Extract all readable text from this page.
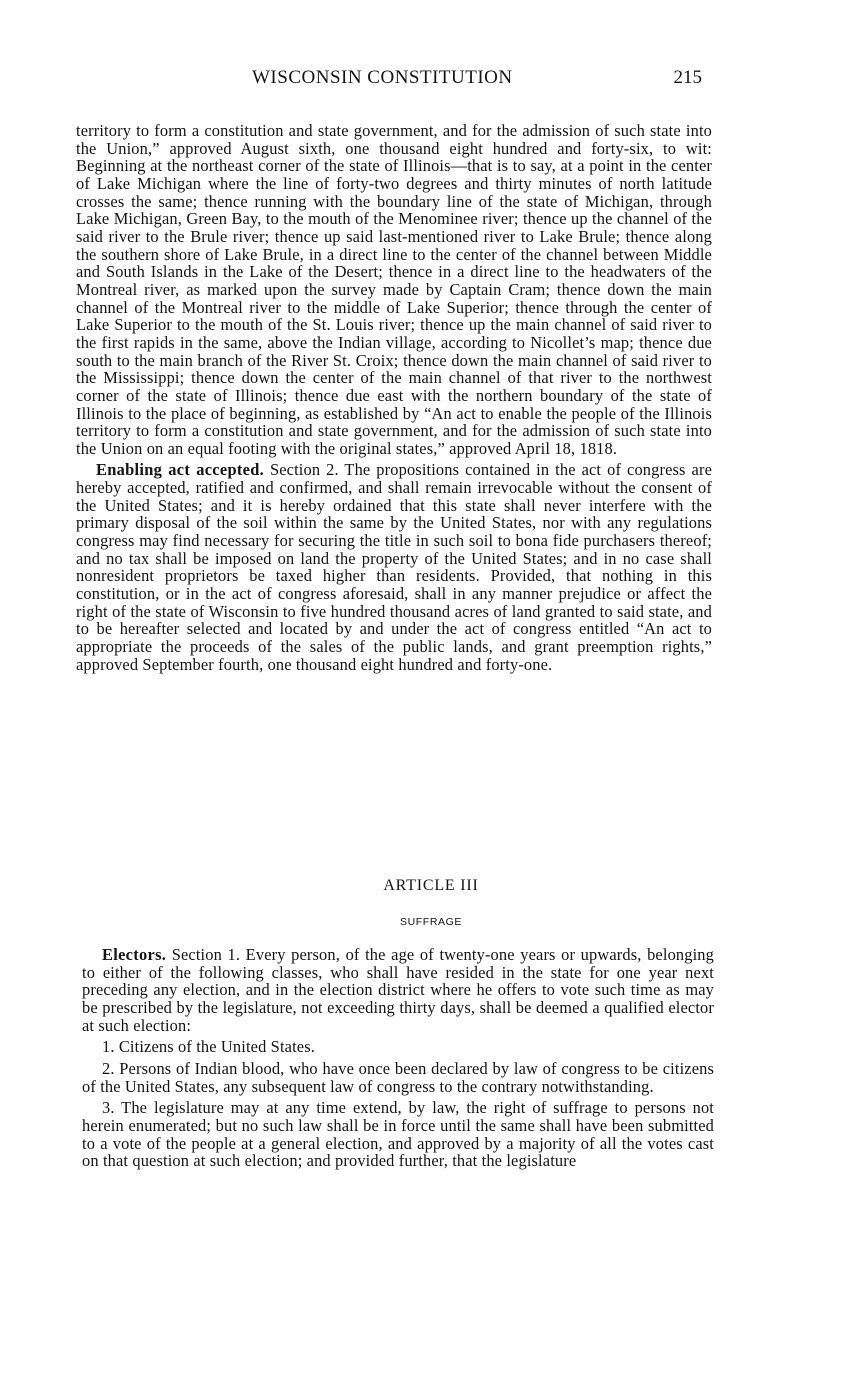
WISCONSIN CONSTITUTION	215

territory to form a constitution and state government, and for the admission of such state into the Union,” approved August sixth, one thousand eight hundred and forty-six, to wit: Beginning at the northeast corner of the state of Illinois—that is to say, at a point in the center of Lake Michigan where the line of forty-two degrees and thirty minutes of north latitude crosses the same; thence running with the boundary line of the state of Michigan, through Lake Michigan, Green Bay, to the mouth of the Menominee river; thence up the channel of the said river to the Brule river; thence up said last-mentioned river to Lake Brule; thence along the southern shore of Lake Brule, in a direct line to the center of the channel between Middle and South Islands in the Lake of the Desert; thence in a direct line to the headwaters of the Montreal river, as marked upon the survey made by Captain Cram; thence down the main channel of the Montreal river to the middle of Lake Superior; thence through the center of Lake Superior to the mouth of the St. Louis river; thence up the main channel of said river to the first rapids in the same, above the Indian village, according to Nicollet’s map; thence due south to the main branch of the River St. Croix; thence down the main channel of said river to the Mississippi; thence down the center of the main channel of that river to the northwest corner of the state of Illinois; thence due east with the northern boundary of the state of Illinois to the place of beginning, as established by “An act to enable the people of the Illinois territory to form a constitution and state government, and for the admission of such state into the Union on an equal footing with the original states,” approved April 18, 1818.

Enabling act accepted. Section 2. The propositions contained in the act of congress are hereby accepted, ratified and confirmed, and shall remain irrevocable without the consent of the United States; and it is hereby ordained that this state shall never interfere with the primary disposal of the soil within the same by the United States, nor with any regulations congress may find necessary for securing the title in such soil to bona fide purchasers thereof; and no tax shall be imposed on land the property of the United States; and in no case shall nonresident proprietors be taxed higher than residents. Provided, that nothing in this constitution, or in the act of congress aforesaid, shall in any manner prejudice or affect the right of the state of Wisconsin to five hundred thousand acres of land granted to said state, and to be hereafter selected and located by and under the act of congress entitled “An act to appropriate the proceeds of the sales of the public lands, and grant preemption rights,” approved September fourth, one thousand eight hundred and forty-one.

ARTICLE III
SUFFRAGE

Electors. Section 1. Every person, of the age of twenty-one years or upwards, belonging to either of the following classes, who shall have resided in the state for one year next preceding any election, and in the election district where he offers to vote such time as may be prescribed by the legislature, not exceeding thirty days, shall be deemed a qualified elector at such election:

1. Citizens of the United States.

2. Persons of Indian blood, who have once been declared by law of congress to be citizens of the United States, any subsequent law of congress to the contrary notwithstanding.

3. The legislature may at any time extend, by law, the right of suffrage to persons not herein enumerated; but no such law shall be in force until the same shall have been submitted to a vote of the people at a general election, and approved by a majority of all the votes cast on that question at such election; and provided further, that the legislature
